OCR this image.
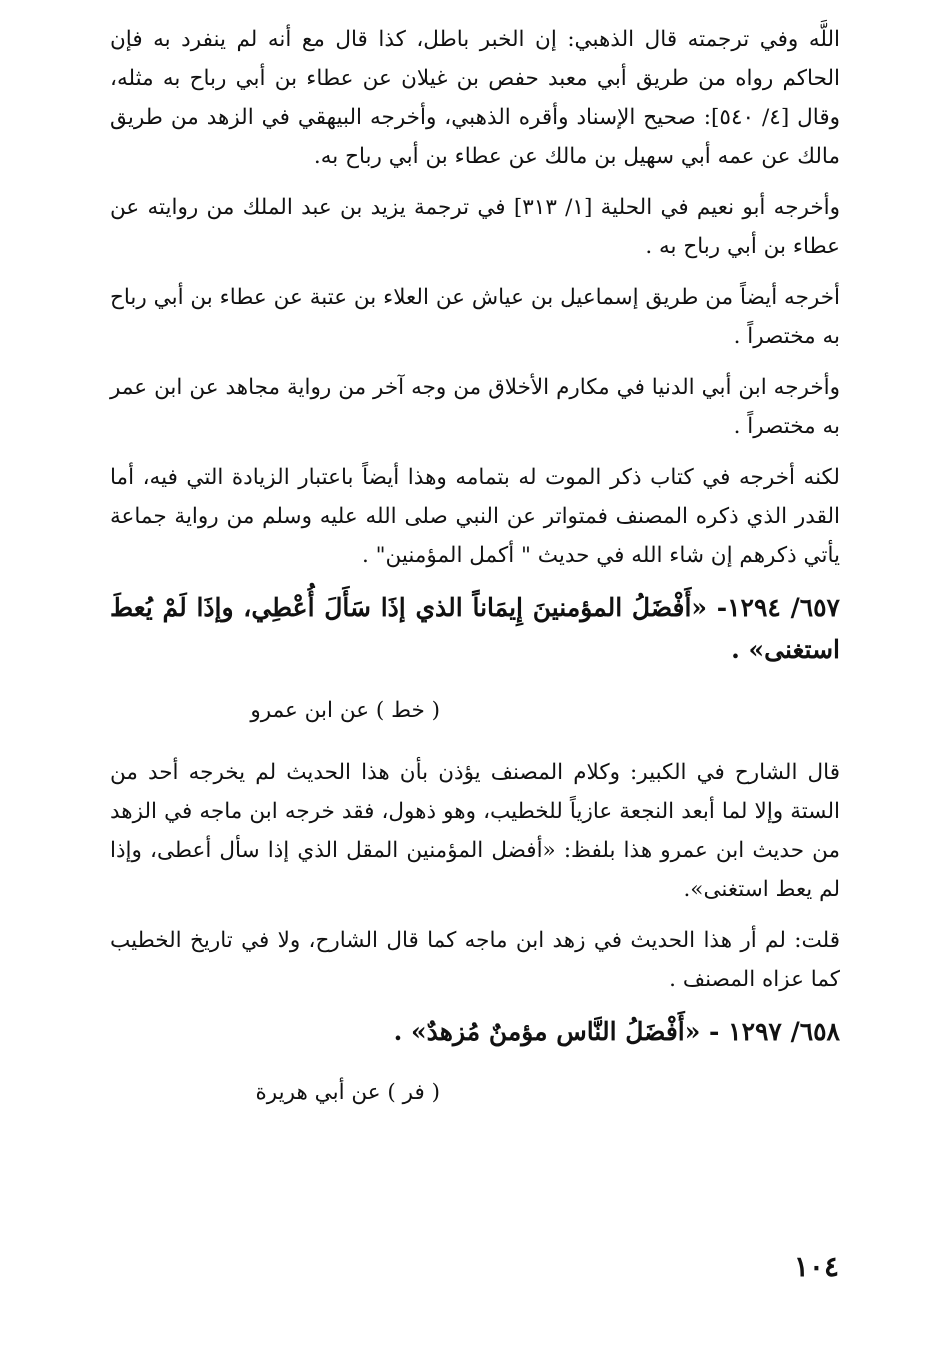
اللَّه وفي ترجمته قال الذهبي: إن الخبر باطل، كذا قال مع أنه لم ينفرد به فإن الحاكم رواه من طريق أبي معبد حفص بن غيلان عن عطاء بن أبي رباح به مثله، وقال [٤/ ٥٤٠]: صحيح الإسناد وأقره الذهبي، وأخرجه البيهقي في الزهد من طريق مالك عن عمه أبي سهيل بن مالك عن عطاء بن أبي رباح به.

وأخرجه أبو نعيم في الحلية [١/ ٣١٣] في ترجمة يزيد بن عبد الملك من روايته عن عطاء بن أبي رباح به .

أخرجه أيضاً من طريق إسماعيل بن عياش عن العلاء بن عتبة عن عطاء بن أبي رباح به مختصراً .

وأخرجه ابن أبي الدنيا في مكارم الأخلاق من وجه آخر من رواية مجاهد عن ابن عمر به مختصراً .

لكنه أخرجه في كتاب ذكر الموت له بتمامه وهذا أيضاً باعتبار الزيادة التي فيه، أما القدر الذي ذكره المصنف فمتواتر عن النبي صلى الله عليه وسلم من رواية جماعة يأتي ذكرهم إن شاء الله في حديث " أكمل المؤمنين" .

٦٥٧/ ١٢٩٤- «أَفْضَلُ المؤمنينَ إِيمَاناً الذي إذَا سَأَلَ أُعْطِي، وإذَا لَمْ يُعطَ استغنى» .

( خط ) عن ابن عمرو

قال الشارح في الكبير: وكلام المصنف يؤذن بأن هذا الحديث لم يخرجه أحد من الستة وإلا لما أبعد النجعة عازياً للخطيب، وهو ذهول، فقد خرجه ابن ماجه في الزهد من حديث ابن عمرو هذا بلفظ: «أفضل المؤمنين المقل الذي إذا سأل أعطى، وإذا لم يعط استغنى».

قلت: لم أر هذا الحديث في زهد ابن ماجه كما قال الشارح، ولا في تاريخ الخطيب كما عزاه المصنف .

٦٥٨/ ١٢٩٧ - «أَفْضَلُ النَّاس مؤمنٌ مُزهدٌ» .

( فر ) عن أبي هريرة

١٠٤
